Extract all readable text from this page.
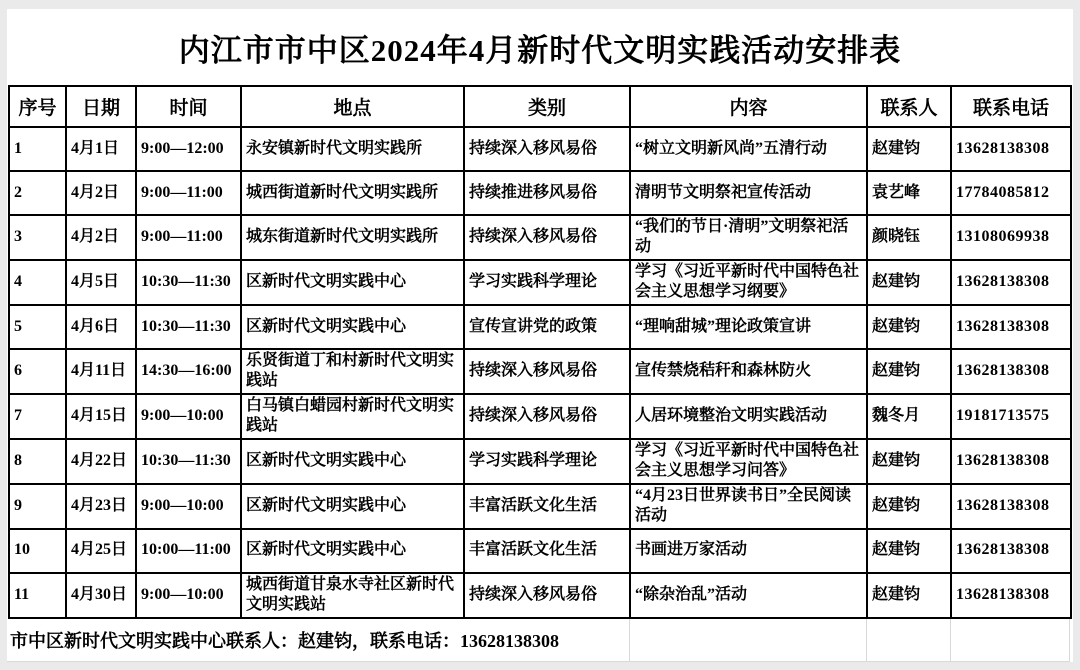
内江市市中区2024年4月新时代文明实践活动安排表
序号	日期	时间	地点	类别	内容	联系人	联系电话
1	4月1日	9:00—12:00	永安镇新时代文明实践所	持续深入移风易俗	“树立文明新风尚”五清行动	赵建钧	13628138308
2	4月2日	9:00—11:00	城西街道新时代文明实践所	持续推进移风易俗	清明节文明祭祀宣传活动	袁艺峰	17784085812
3	4月2日	9:00—11:00	城东街道新时代文明实践所	持续深入移风易俗	“我们的节日·清明”文明祭祀活动	颜晓钰	13108069938
4	4月5日	10:30—11:30	区新时代文明实践中心	学习实践科学理论	学习《习近平新时代中国特色社会主义思想学习纲要》	赵建钧	13628138308
5	4月6日	10:30—11:30	区新时代文明实践中心	宣传宣讲党的政策	“理响甜城”理论政策宣讲	赵建钧	13628138308
6	4月11日	14:30—16:00	乐贤街道丁和村新时代文明实践站	持续深入移风易俗	宣传禁烧秸秆和森林防火	赵建钧	13628138308
7	4月15日	9:00—10:00	白马镇白蜡园村新时代文明实践站	持续深入移风易俗	人居环境整治文明实践活动	魏冬月	19181713575
8	4月22日	10:30—11:30	区新时代文明实践中心	学习实践科学理论	学习《习近平新时代中国特色社会主义思想学习问答》	赵建钧	13628138308
9	4月23日	9:00—10:00	区新时代文明实践中心	丰富活跃文化生活	“4月23日世界读书日”全民阅读活动	赵建钧	13628138308
10	4月25日	10:00—11:00	区新时代文明实践中心	丰富活跃文化生活	书画进万家活动	赵建钧	13628138308
11	4月30日	9:00—10:00	城西街道甘泉水寺社区新时代文明实践站	持续深入移风易俗	“除杂治乱”活动	赵建钧	13628138308
市中区新时代文明实践中心联系人：赵建钧，联系电话：13628138308
